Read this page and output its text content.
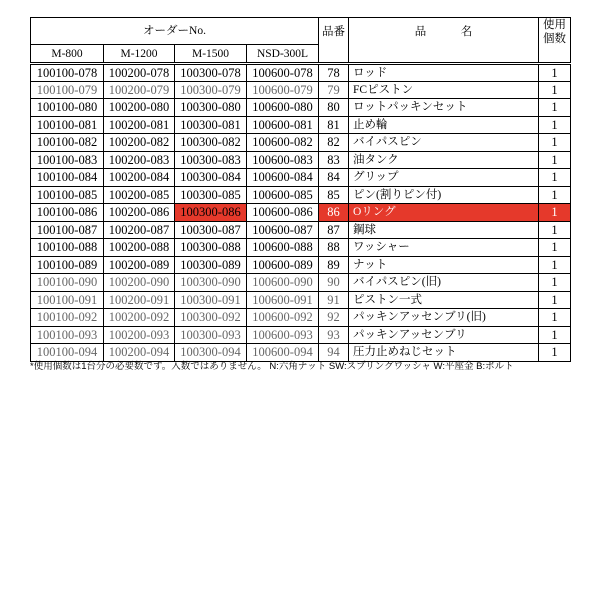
オーダーNo.				品番	品　　　名	使用
個数

M-800	M-1200	M-1500	NSD-300L			
100100-078	100200-078	100300-078	100600-078	78	ロッド	1
100100-079	100200-079	100300-079	100600-079	79	FCピストン	1
100100-080	100200-080	100300-080	100600-080	80	ロットパッキンセット	1
100100-081	100200-081	100300-081	100600-081	81	止め輪	1
100100-082	100200-082	100300-082	100600-082	82	バイパスピン	1
100100-083	100200-083	100300-083	100600-083	83	油タンク	1
100100-084	100200-084	100300-084	100600-084	84	グリップ	1
100100-085	100200-085	100300-085	100600-085	85	ピン(割りピン付)	1
100100-086	100200-086	100300-086	100600-086	86	Oリング	1
100100-087	100200-087	100300-087	100600-087	87	鋼球	1
100100-088	100200-088	100300-088	100600-088	88	ワッシャー	1
100100-089	100200-089	100300-089	100600-089	89	ナット	1
100100-090	100200-090	100300-090	100600-090	90	バイパスピン(旧)	1
100100-091	100200-091	100300-091	100600-091	91	ピストン一式	1
100100-092	100200-092	100300-092	100600-092	92	パッキンアッセンブリ(旧)	1
100100-093	100200-093	100300-093	100600-093	93	パッキンアッセンブリ	1
100100-094	100200-094	100300-094	100600-094	94	圧力止めねじセット	1
*使用個数は1台分の必要数です。入数ではありません。 N:六角ナット SW:スプリングワッシャ W:平座金 B:ボルト
